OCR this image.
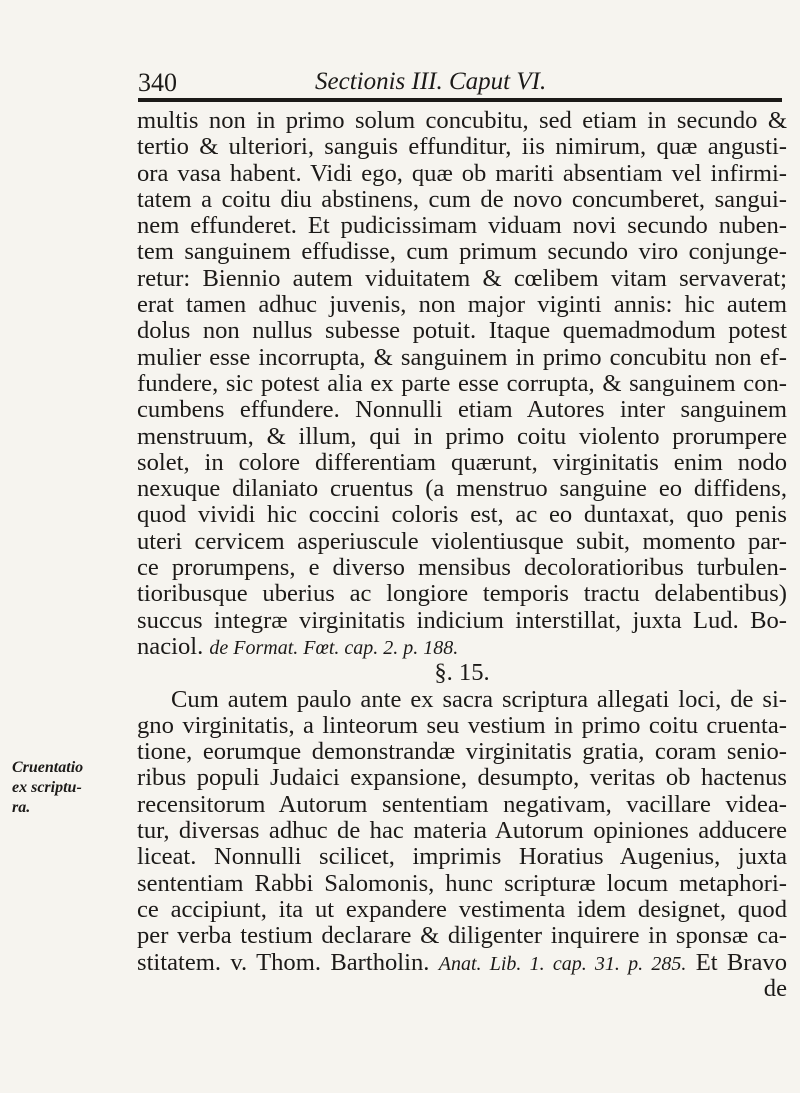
340	Sectionis III. Caput VI.
Cruentatio
ex scriptu-
ra.
multis non in primo solum concubitu, sed etiam in secundo &
tertio & ulteriori, sanguis effunditur, iis nimirum, quæ angusti-
ora vasa habent. Vidi ego, quæ ob mariti absentiam vel infirmi-
tatem a coitu diu abstinens, cum de novo concumberet, sangui-
nem effunderet. Et pudicissimam viduam novi secundo nuben-
tem sanguinem effudisse, cum primum secundo viro conjunge-
retur: Biennio autem viduitatem & cœlibem vitam servaverat;
erat tamen adhuc juvenis, non major viginti annis: hic autem
dolus non nullus subesse potuit. Itaque quemadmodum potest
mulier esse incorrupta, & sanguinem in primo concubitu non ef-
fundere, sic potest alia ex parte esse corrupta, & sanguinem con-
cumbens effundere. Nonnulli etiam Autores inter sanguinem
menstruum, & illum, qui in primo coitu violento prorumpere
solet, in colore differentiam quærunt, virginitatis enim nodo
nexuque dilaniato cruentus (a menstruo sanguine eo diffidens,
quod vividi hic coccini coloris est, ac eo duntaxat, quo penis
uteri cervicem asperiuscule violentiusque subit, momento par-
ce prorumpens, e diverso mensibus decoloratioribus turbulen-
tioribusque uberius ac longiore temporis tractu delabentibus)
succus integræ virginitatis indicium interstillat, juxta Lud. Bo-
naciol. de Format. Fœt. cap. 2. p. 188.
§. 15.
Cum autem paulo ante ex sacra scriptura allegati loci, de si-
gno virginitatis, a linteorum seu vestium in primo coitu cruenta-
tione, eorumque demonstrandæ virginitatis gratia, coram senio-
ribus populi Judaici expansione, desumpto, veritas ob hactenus
recensitorum Autorum sententiam negativam, vacillare videa-
tur, diversas adhuc de hac materia Autorum opiniones adducere
liceat. Nonnulli scilicet, imprimis Horatius Augenius, juxta
sententiam Rabbi Salomonis, hunc scripturæ locum metaphori-
ce accipiunt, ita ut expandere vestimenta idem designet, quod
per verba testium declarare & diligenter inquirere in sponsæ ca-
stitatem. v. Thom. Bartholin. Anat. Lib. 1. cap. 31. p. 285. Et Bravo
de
